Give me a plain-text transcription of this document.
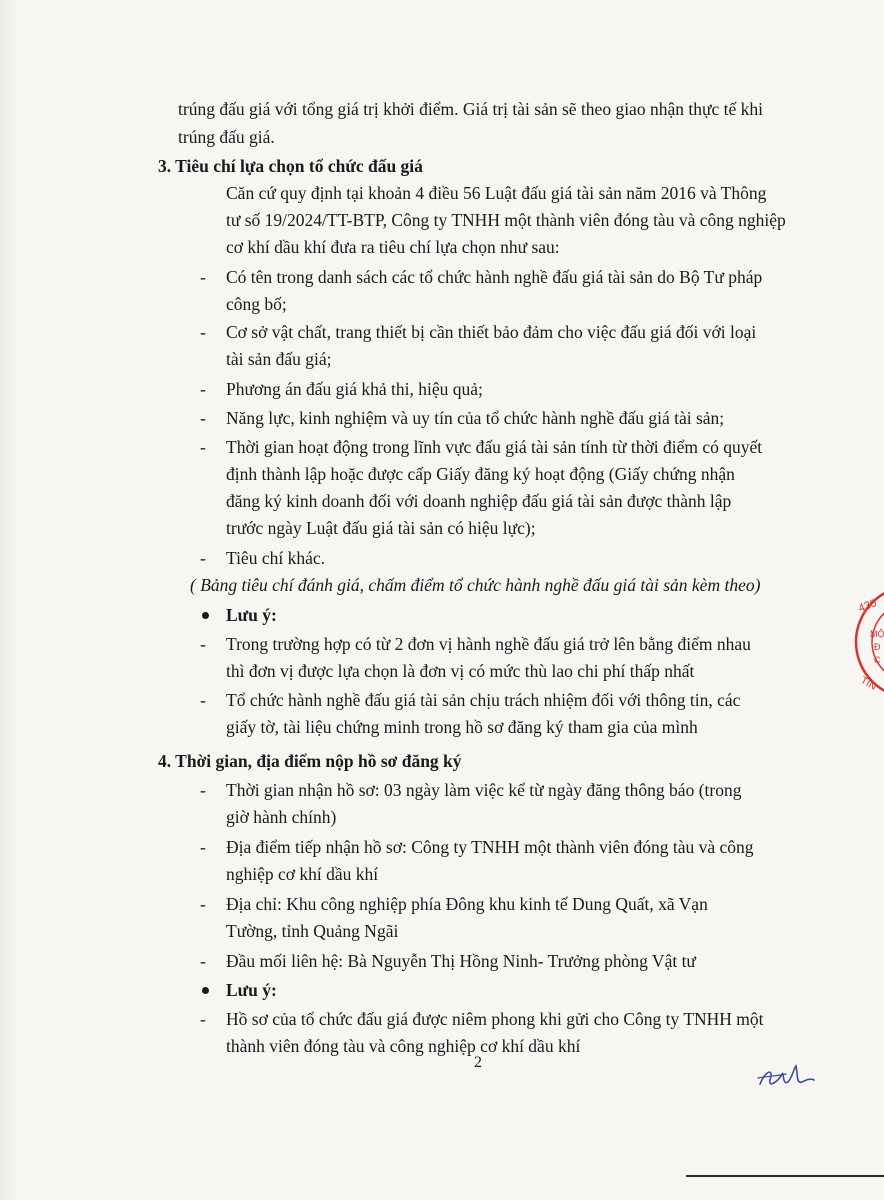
trúng đấu giá với tổng giá trị khởi điểm. Giá trị tài sản sẽ theo giao nhận thực tế khi
trúng đấu giá.
3. Tiêu chí lựa chọn tổ chức đấu giá
Căn cứ quy định tại khoản 4 điều 56 Luật đấu giá tài sản năm 2016 và Thông
tư số 19/2024/TT-BTP, Công ty TNHH một thành viên đóng tàu và công nghiệp
cơ khí dầu khí đưa ra tiêu chí lựa chọn như sau:
- Có tên trong danh sách các tổ chức hành nghề đấu giá tài sản do Bộ Tư pháp
công bố;
- Cơ sở vật chất, trang thiết bị cần thiết bảo đảm cho việc đấu giá đối với loại
tài sản đấu giá;
- Phương án đấu giá khả thi, hiệu quả;
- Năng lực, kinh nghiệm và uy tín của tổ chức hành nghề đấu giá tài sản;
- Thời gian hoạt động trong lĩnh vực đấu giá tài sản tính từ thời điểm có quyết
định thành lập hoặc được cấp Giấy đăng ký hoạt động (Giấy chứng nhận
đăng ký kinh doanh đối với doanh nghiệp đấu giá tài sản được thành lập
trước ngày Luật đấu giá tài sản có hiệu lực);
- Tiêu chí khác.
( Bảng tiêu chí đánh giá, chấm điểm tổ chức hành nghề đấu giá tài sản kèm theo)
Lưu ý:
- Trong trường hợp có từ 2 đơn vị hành nghề đấu giá trở lên bằng điểm nhau
thì đơn vị được lựa chọn là đơn vị có mức thù lao chi phí thấp nhất
- Tổ chức hành nghề đấu giá tài sản chịu trách nhiệm đối với thông tin, các
giấy tờ, tài liệu chứng minh trong hồ sơ đăng ký tham gia của mình
4. Thời gian, địa điểm nộp hồ sơ đăng ký
- Thời gian nhận hồ sơ: 03 ngày làm việc kể từ ngày đăng thông báo (trong
giờ hành chính)
- Địa điểm tiếp nhận hồ sơ: Công ty TNHH một thành viên đóng tàu và công
nghiệp cơ khí dầu khí
- Địa chỉ: Khu công nghiệp phía Đông khu kinh tế Dung Quất, xã Vạn
Tường, tỉnh Quảng Ngãi
- Đầu mối liên hệ: Bà Nguyễn Thị Hồng Ninh- Trưởng phòng Vật tư
Lưu ý:
- Hồ sơ của tổ chức đấu giá được niêm phong khi gửi cho Công ty TNHH một
thành viên đóng tàu và công nghiệp cơ khí dầu khí
2
430
MỘ
Đ
C
TỈN
